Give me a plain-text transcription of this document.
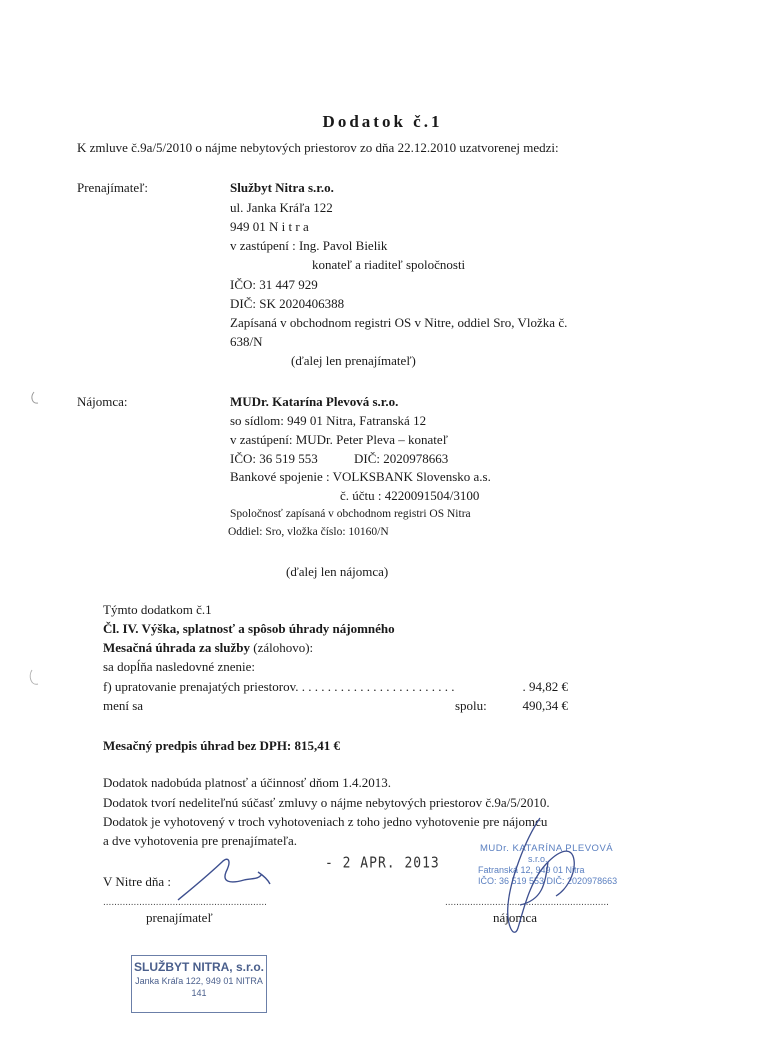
Dodatok č.1
K zmluve č.9a/5/2010 o nájme nebytových priestorov zo dňa 22.12.2010 uzatvorenej medzi:
Prenajímateľ:	Službyt Nitra s.r.o.
ul. Janka Kráľa 122
949 01 N i t r a
v zastúpení : Ing. Pavol Bielik
konateľ a riaditeľ spoločnosti
IČO: 31 447 929
DIČ: SK 2020406388
Zapísaná v obchodnom registri OS v Nitre, oddiel Sro, Vložka č.
638/N
(ďalej len prenajímateľ)
Nájomca:	MUDr. Katarína Plevová s.r.o.
so sídlom: 949 01 Nitra, Fatranská 12
v zastúpení: MUDr. Peter Pleva – konateľ
IČO: 36 519 553	DIČ: 2020978663
Bankové spojenie : VOLKSBANK Slovensko a.s.
č. účtu : 4220091504/3100
Spoločnosť zapísaná v obchodnom registri OS Nitra
Oddiel: Sro, vložka číslo: 10160/N
(ďalej len nájomca)
Týmto dodatkom č.1
Čl. IV. Výška, splatnosť a spôsob úhrady nájomného
Mesačná úhrada za služby (zálohovo):
sa dopĺňa nasledovné znenie:
f) upratovanie prenajatých priestorov. . . . . . . . . . . . . . . . . . . . . . . . .	. 94,82 €
mení sa	spolu:	490,34 €
Mesačný predpis úhrad bez DPH: 815,41 €
Dodatok nadobúda platnosť a účinnosť dňom 1.4.2013.
Dodatok tvorí nedeliteľnú súčasť zmluvy o nájme nebytových priestorov č.9a/5/2010.
Dodatok je vyhotovený v troch vyhotoveniach z toho jedno vyhotovenie pre nájomcu
a dve vyhotovenia pre prenajímateľa.
V Nitre dňa :
- 2 APR. 2013
...........................................................	...........................................................
prenajímateľ	nájomca
MUDr. KATARÍNA PLEVOVÁ
s.r.o.
Fatranská 12, 949 01 Nitra
IČO: 36 519 553 DIČ: 2020978663
SLUŽBYT NITRA, s.r.o.
Janka Kráľa 122, 949 01 NITRA
141
